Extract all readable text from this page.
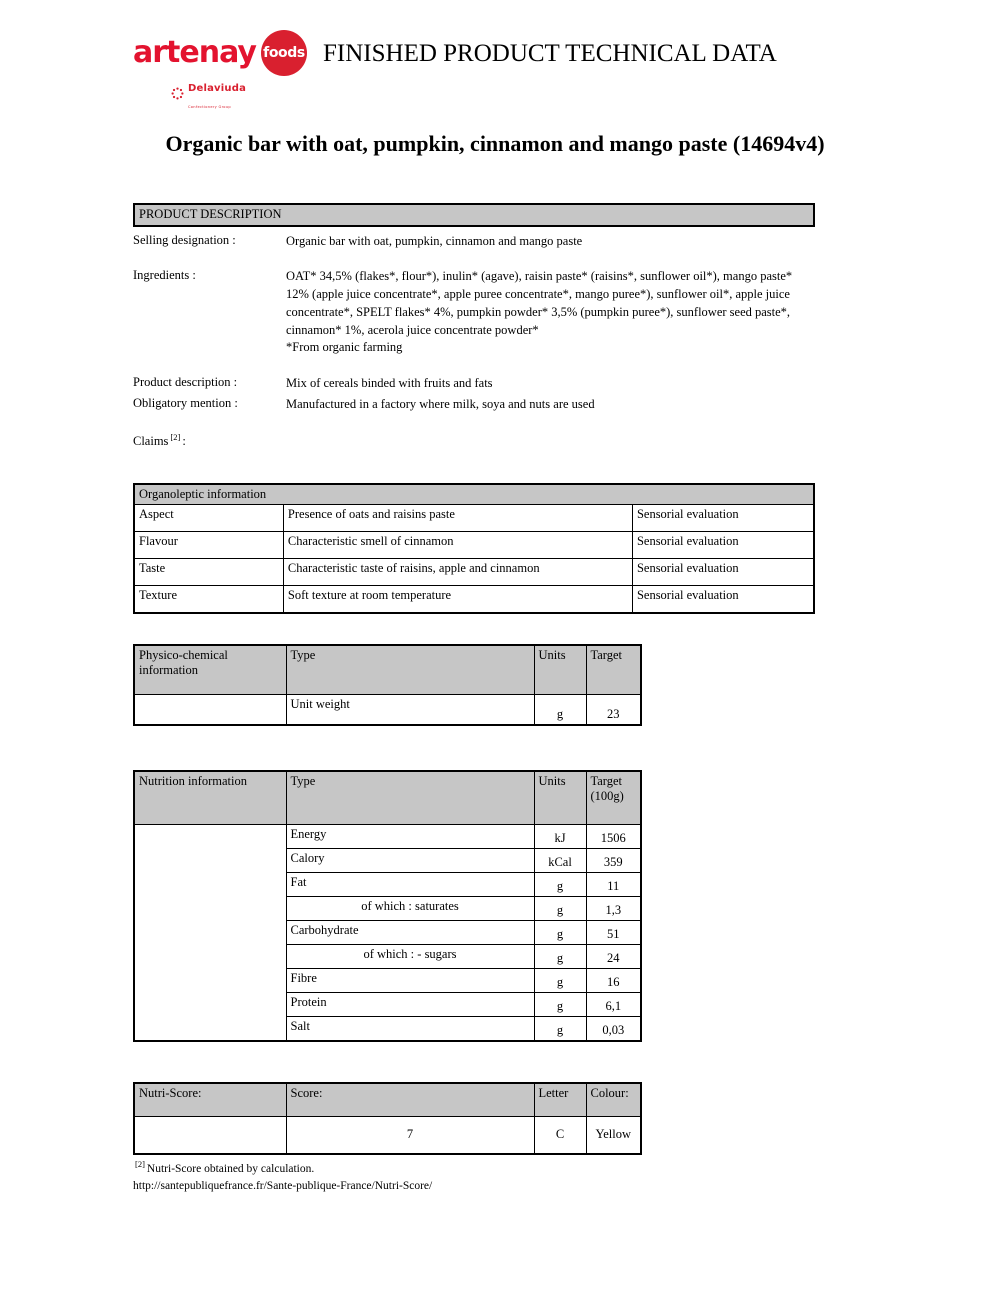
artenay foods
Delaviuda
Confectionery Group
FINISHED PRODUCT TECHNICAL DATA
Organic bar with oat, pumpkin, cinnamon and mango paste (14694v4)
PRODUCT DESCRIPTION
Selling designation :	Organic bar with oat, pumpkin, cinnamon and mango paste
Ingredients :	OAT* 34,5% (flakes*, flour*), inulin* (agave), raisin paste* (raisins*, sunflower oil*), mango paste* 12% (apple juice concentrate*, apple puree concentrate*, mango puree*), sunflower oil*, apple juice concentrate*, SPELT flakes* 4%, pumpkin powder* 3,5% (pumpkin puree*), sunflower seed paste*, cinnamon* 1%, acerola juice concentrate powder*
*From organic farming
Product description :	Mix of cereals binded with fruits and fats
Obligatory mention :	Manufactured in a factory where milk, soya and nuts are used
Claims [2] :
Organoleptic information		
Aspect	Presence of oats and raisins paste	Sensorial evaluation
Flavour	Characteristic smell of cinnamon	Sensorial evaluation
Taste	Characteristic taste of raisins, apple and cinnamon	Sensorial evaluation
Texture	Soft texture at room temperature	Sensorial evaluation
Physico-chemical information	Type	Units	Target
	Unit weight	g	23
Nutrition information	Type	Units	Target
(100g)
	Energy	kJ	1506
	Calory	kCal	359
	Fat	g	11
	of which : saturates	g	1,3
	Carbohydrate	g	51
	of which : - sugars	g	24
	Fibre	g	16
	Protein	g	6,1
	Salt	g	0,03
Nutri-Score:	Score:	Letter	Colour:
	7	C	Yellow
[2] Nutri-Score obtained by calculation.
http://santepubliquefrance.fr/Sante-publique-France/Nutri-Score/
